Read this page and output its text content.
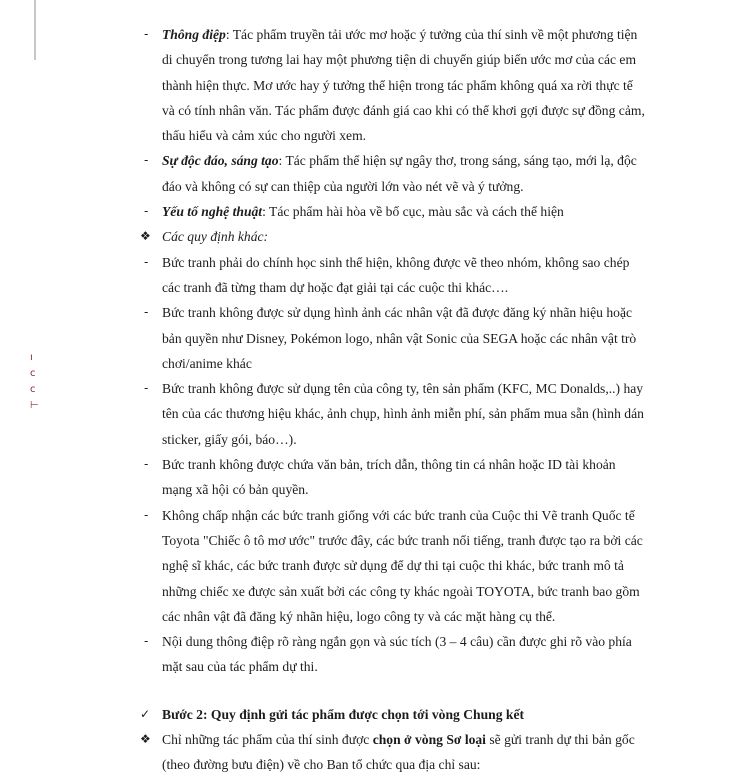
ı
c
c
⊢
- Thông điệp: Tác phẩm truyền tải ước mơ hoặc ý tưởng của thí sinh về một phương tiện di chuyển trong tương lai hay một phương tiện di chuyển giúp biến ước mơ của các em thành hiện thực. Mơ ước hay ý tưởng thể hiện trong tác phẩm không quá xa rời thực tế và có tính nhân văn. Tác phẩm được đánh giá cao khi có thể khơi gợi được sự đồng cảm, thấu hiểu và cảm xúc cho người xem.
- Sự độc đáo, sáng tạo: Tác phẩm thể hiện sự ngây thơ, trong sáng, sáng tạo, mới lạ, độc đáo và không có sự can thiệp của người lớn vào nét vẽ và ý tưởng.
- Yếu tố nghệ thuật: Tác phẩm hài hòa về bố cục, màu sắc và cách thể hiện
❖ Các quy định khác:
- Bức tranh phải do chính học sinh thể hiện, không được vẽ theo nhóm, không sao chép các tranh đã từng tham dự hoặc đạt giải tại các cuộc thi khác….
- Bức tranh không được sử dụng hình ảnh các nhân vật đã được đăng ký nhãn hiệu hoặc bản quyền như Disney, Pokémon logo, nhân vật Sonic của SEGA hoặc các nhân vật trò chơi/anime khác
- Bức tranh không được sử dụng tên của công ty, tên sản phẩm (KFC, MC Donalds,..) hay tên của các thương hiệu khác, ảnh chụp, hình ảnh miễn phí, sản phẩm mua sẵn (hình dán sticker, giấy gói, báo…).
- Bức tranh không được chứa văn bản, trích dẫn, thông tin cá nhân hoặc ID tài khoản mạng xã hội có bản quyền.
- Không chấp nhận các bức tranh giống với các bức tranh của Cuộc thi Vẽ tranh Quốc tế Toyota "Chiếc ô tô mơ ước" trước đây, các bức tranh nổi tiếng, tranh được tạo ra bởi các nghệ sĩ khác, các bức tranh được sử dụng để dự thi tại cuộc thi khác, bức tranh mô tả những chiếc xe được sản xuất bởi các công ty khác ngoài TOYOTA, bức tranh bao gồm các nhân vật đã đăng ký nhãn hiệu, logo công ty và các mặt hàng cụ thể.
- Nội dung thông điệp rõ ràng ngắn gọn và súc tích (3 – 4 câu) cần được ghi rõ vào phía mặt sau của tác phẩm dự thi.
✓ Bước 2: Quy định gửi tác phẩm được chọn tới vòng Chung kết
❖ Chỉ những tác phẩm của thí sinh được chọn ở vòng Sơ loại sẽ gửi tranh dự thi bản gốc (theo đường bưu điện) về cho Ban tổ chức qua địa chỉ sau:
